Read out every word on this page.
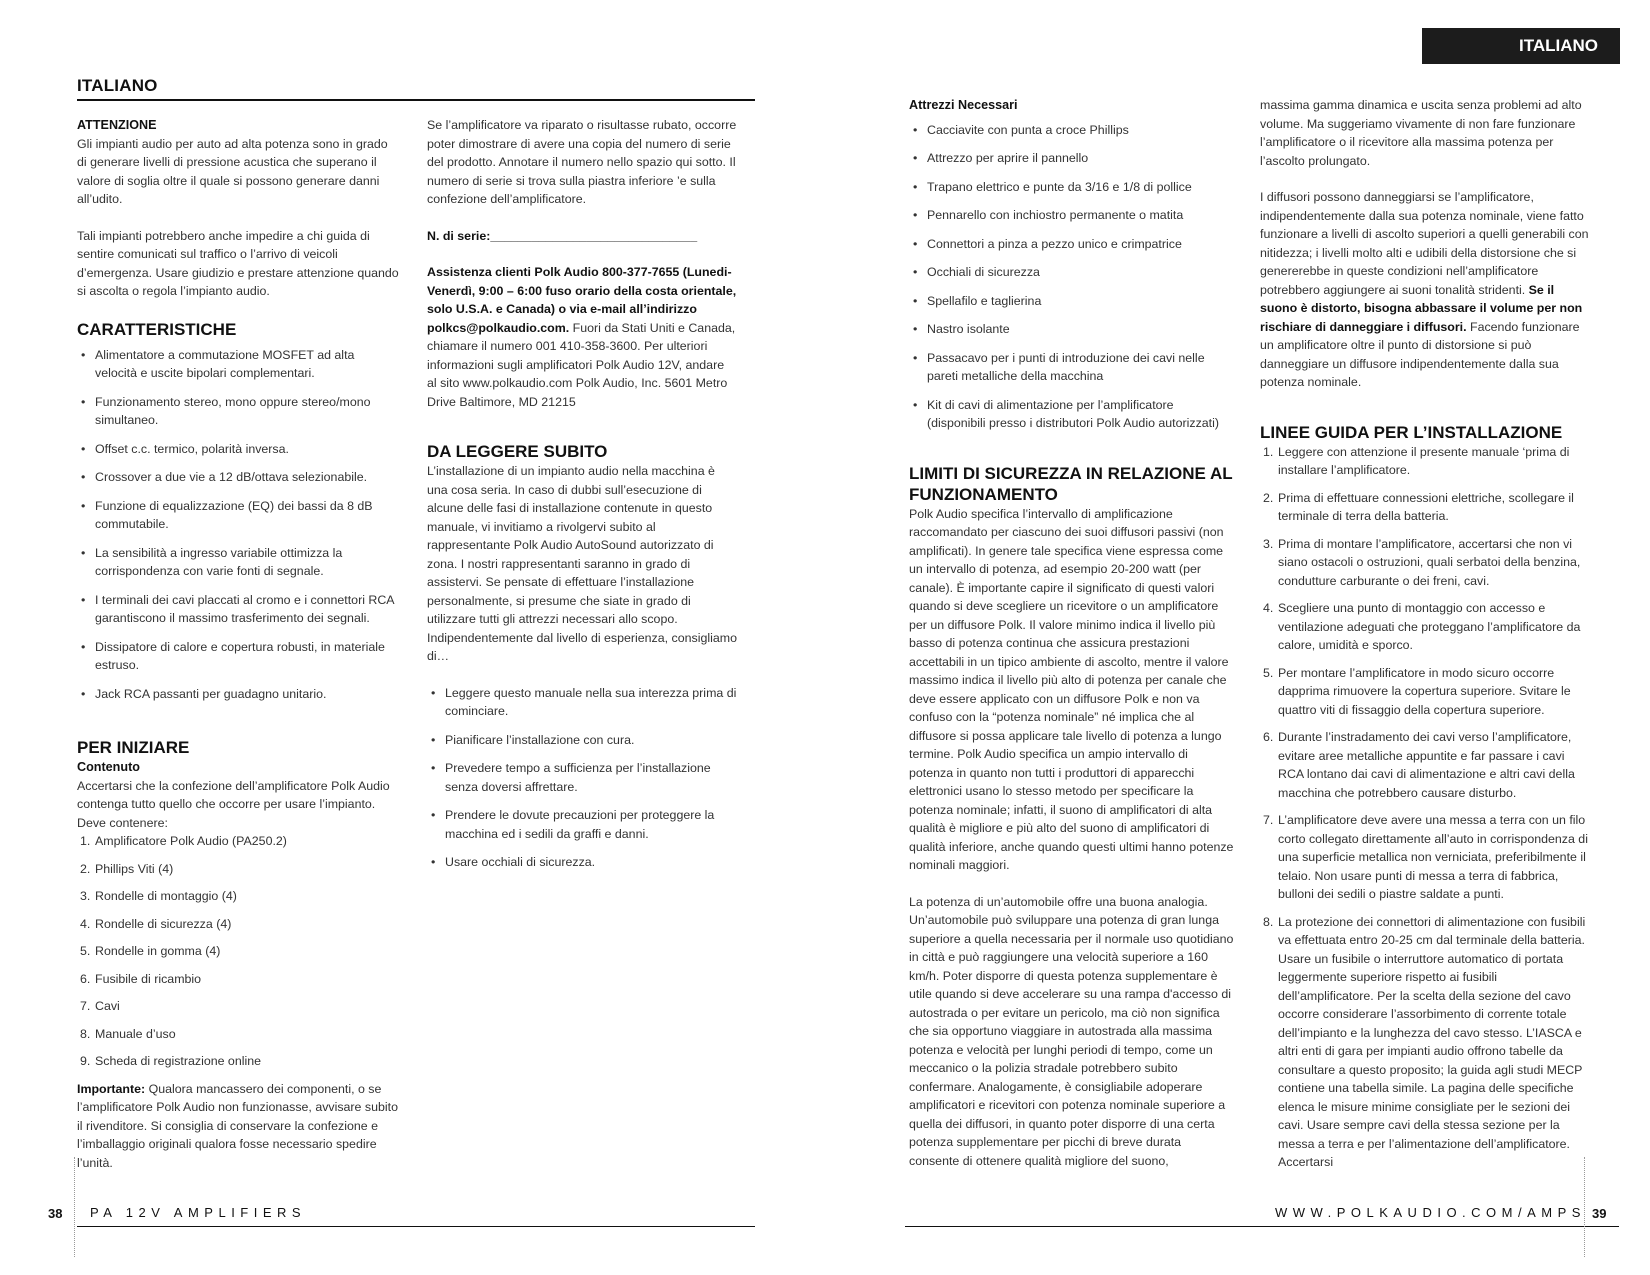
ITALIANO
ITALIANO
ATTENZIONE

Gli impianti audio per auto ad alta potenza sono in grado di generare livelli di pressione acustica che superano il valore di soglia oltre il quale si possono generare danni all’udito.

Tali impianti potrebbero anche impedire a chi guida di sentire comunicati sul traffico o l’arrivo di veicoli d’emergenza. Usare giudizio e prestare attenzione quando si ascolta o regola l’impianto audio.

CARATTERISTICHE
• Alimentatore a commutazione MOSFET ad alta velocità e uscite bipolari complementari.
• Funzionamento stereo, mono oppure stereo/mono simultaneo.
• Offset c.c. termico, polarità inversa.
• Crossover a due vie a 12 dB/ottava selezionabile.
• Funzione di equalizzazione (EQ) dei bassi da 8 dB commutabile.
• La sensibilità a ingresso variabile ottimizza la corrispondenza con varie fonti di segnale.
• I terminali dei cavi placcati al cromo e i connettori RCA garantiscono il massimo trasferimento dei segnali.
• Dissipatore di calore e copertura robusti, in materiale estruso.
• Jack RCA passanti per guadagno unitario.
PER INIZIARE
Contenuto

Accertarsi che la confezione dell’amplificatore Polk Audio contenga tutto quello che occorre per usare l’impianto. Deve contenere:

1. Amplificatore Polk Audio (PA250.2)
2. Phillips Viti (4)
3. Rondelle di montaggio (4)
4. Rondelle di sicurezza (4)
5. Rondelle in gomma (4)
6. Fusibile di ricambio
7. Cavi
8. Manuale d’uso
9. Scheda di registrazione online

Importante: Qualora mancassero dei componenti, o se l’amplificatore Polk Audio non funzionasse, avvisare subito il rivenditore. Si consiglia di conservare la confezione e l’imballaggio originali qualora fosse necessario spedire l’unità.

Se l’amplificatore va riparato o risultasse rubato, occorre poter dimostrare di avere una copia del numero di serie del prodotto. Annotare il numero nello spazio qui sotto. Il numero di serie si trova sulla piastra inferiore ’e sulla confezione dell’amplificatore.

N. di serie:______________________________

Assistenza clienti Polk Audio 800-377-7655 (Lunedi-Venerdì, 9:00 – 6:00 fuso orario della costa orientale, solo U.S.A. e Canada) o via e-mail all’indirizzo polkcs@polkaudio.com. Fuori da Stati Uniti e Canada, chiamare il numero 001 410-358-3600. Per ulteriori informazioni sugli amplificatori Polk Audio 12V, andare al sito www.polkaudio.com Polk Audio, Inc. 5601 Metro Drive Baltimore, MD 21215

DA LEGGERE SUBITO

L’installazione di un impianto audio nella macchina è una cosa seria. In caso di dubbi sull’esecuzione di alcune delle fasi di installazione contenute in questo manuale, vi invitiamo a rivolgervi subito al rappresentante Polk Audio AutoSound autorizzato di zona. I nostri rappresentanti saranno in grado di assistervi. Se pensate di effettuare l’installazione personalmente, si presume che siate in grado di utilizzare tutti gli attrezzi necessari allo scopo. Indipendentemente dal livello di esperienza, consigliamo di…

• Leggere questo manuale nella sua interezza prima di cominciare.
• Pianificare l’installazione con cura.
• Prevedere tempo a sufficienza per l’installazione senza doversi affrettare.
• Prendere le dovute precauzioni per proteggere la macchina ed i sedili da graffi e danni.
• Usare occhiali di sicurezza.
38 PA 12V AMPLIFIERS
Attrezzi Necessari
• Cacciavite con punta a croce Phillips
• Attrezzo per aprire il pannello
• Trapano elettrico e punte da 3/16 e 1/8 di pollice
• Pennarello con inchiostro permanente o matita
• Connettori a pinza a pezzo unico e crimpatrice
• Occhiali di sicurezza
• Spellafilo e taglierina
• Nastro isolante
• Passacavo per i punti di introduzione dei cavi nelle pareti metalliche della macchina
• Kit di cavi di alimentazione per l’amplificatore (disponibili presso i distributori Polk Audio autorizzati)
LIMITI DI SICUREZZA IN RELAZIONE AL FUNZIONAMENTO

Polk Audio specifica l’intervallo di amplificazione raccomandato per ciascuno dei suoi diffusori passivi (non amplificati). In genere tale specifica viene espressa come un intervallo di potenza, ad esempio 20-200 watt (per canale). È importante capire il significato di questi valori quando si deve scegliere un ricevitore o un amplificatore per un diffusore Polk. Il valore minimo indica il livello più basso di potenza continua che assicura prestazioni accettabili in un tipico ambiente di ascolto, mentre il valore massimo indica il livello più alto di potenza per canale che deve essere applicato con un diffusore Polk e non va confuso con la “potenza nominale” né implica che al diffusore si possa applicare tale livello di potenza a lungo termine. Polk Audio specifica un ampio intervallo di potenza in quanto non tutti i produttori di apparecchi elettronici usano lo stesso metodo per specificare la potenza nominale; infatti, il suono di amplificatori di alta qualità è migliore e più alto del suono di amplificatori di qualità inferiore, anche quando questi ultimi hanno potenze nominali maggiori.

La potenza di un’automobile offre una buona analogia. Un’automobile può sviluppare una potenza di gran lunga superiore a quella necessaria per il normale uso quotidiano in città e può raggiungere una velocità superiore a 160 km/h. Poter disporre di questa potenza supplementare è utile quando si deve accelerare su una rampa d'accesso di autostrada o per evitare un pericolo, ma ciò non significa che sia opportuno viaggiare in autostrada alla massima potenza e velocità per lunghi periodi di tempo, come un meccanico o la polizia stradale potrebbero subito confermare. Analogamente, è consigliabile adoperare amplificatori e ricevitori con potenza nominale superiore a quella dei diffusori, in quanto poter disporre di una certa potenza supplementare per picchi di breve durata consente di ottenere qualità migliore del suono,

massima gamma dinamica e uscita senza problemi ad alto volume. Ma suggeriamo vivamente di non fare funzionare l’amplificatore o il ricevitore alla massima potenza per l’ascolto prolungato.

I diffusori possono danneggiarsi se l’amplificatore, indipendentemente dalla sua potenza nominale, viene fatto funzionare a livelli di ascolto superiori a quelli generabili con nitidezza; i livelli molto alti e udibili della distorsione che si genererebbe in queste condizioni nell’amplificatore potrebbero aggiungere ai suoni tonalità stridenti. Se il suono è distorto, bisogna abbassare il volume per non rischiare di danneggiare i diffusori. Facendo funzionare un amplificatore oltre il punto di distorsione si può danneggiare un diffusore indipendentemente dalla sua potenza nominale.

LINEE GUIDA PER L’INSTALLAZIONE
1. Leggere con attenzione il presente manuale ‘prima di installare l’amplificatore.
2. Prima di effettuare connessioni elettriche, scollegare il terminale di terra della batteria.
3. Prima di montare l’amplificatore, accertarsi che non vi siano ostacoli o ostruzioni, quali serbatoi della benzina, condutture carburante o dei freni, cavi.
4. Scegliere una punto di montaggio con accesso e ventilazione adeguati che proteggano l’amplificatore da calore, umidità e sporco.
5. Per montare l’amplificatore in modo sicuro occorre dapprima rimuovere la copertura superiore. Svitare le quattro viti di fissaggio della copertura superiore.
6. Durante l’instradamento dei cavi verso l’amplificatore, evitare aree metalliche appuntite e far passare i cavi RCA lontano dai cavi di alimentazione e altri cavi della macchina che potrebbero causare disturbo.
7. L’amplificatore deve avere una messa a terra con un filo corto collegato direttamente all’auto in corrispondenza di una superficie metallica non verniciata, preferibilmente il telaio. Non usare punti di messa a terra di fabbrica, bulloni dei sedili o piastre saldate a punti.
8. La protezione dei connettori di alimentazione con fusibili va effettuata entro 20-25 cm dal terminale della batteria. Usare un fusibile o interruttore automatico di portata leggermente superiore rispetto ai fusibili dell’amplificatore. Per la scelta della sezione del cavo occorre considerare l’assorbimento di corrente totale dell’impianto e la lunghezza del cavo stesso. L’IASCA e altri enti di gara per impianti audio offrono tabelle da consultare a questo proposito; la guida agli studi MECP contiene una tabella simile. La pagina delle specifiche elenca le misure minime consigliate per le sezioni dei cavi. Usare sempre cavi della stessa sezione per la messa a terra e per l’alimentazione dell’amplificatore. Accertarsi
WWW.POLKAUDIO.COM/AMPS 39
